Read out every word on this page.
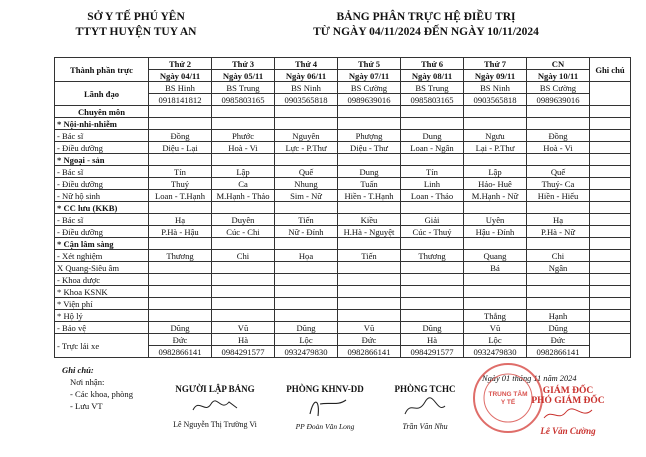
SỞ Y TẾ PHÚ YÊN
TTYT HUYỆN TUY AN
BẢNG PHÂN TRỰC HỆ ĐIỀU TRỊ
TỪ NGÀY 04/11/2024 ĐẾN NGÀY 10/11/2024
Thành phần trực	Thứ 2	Thứ 3	Thứ 4	Thứ 5	Thứ 6	Thứ 7	CN	Ghi chú
	Ngày 04/11	Ngày 05/11	Ngày 06/11	Ngày 07/11	Ngày 08/11	Ngày 09/11	Ngày 10/11	
Lãnh đạo	BS Hinh	BS Trung	BS Ninh	BS Cường	BS Trung	BS Ninh	BS Cường	
	0918141812	0985803165	0903565818	0989639016	0985803165	0903565818	0989639016	
Chuyên môn								
* Nội-nhi-nhiễm								
- Bác sĩ	Đồng	Phước	Nguyên	Phượng	Dung	Ngưu	Đồng	
- Điều dưỡng	Diệu - Lại	Hoà - Vi	Lực - P.Thư	Diệu - Thư	Loan - Ngân	Lại - P.Thư	Hoà - Vi	
* Ngoại - sản								
- Bác sĩ	Tín	Lập	Quế	Dung	Tín	Lập	Quế	
- Điều dưỡng	Thuý	Ca	Nhung	Tuấn	Linh	Hảo- Huê	Thuý- Ca	
- Nữ hộ sinh	Loan - T.Hạnh	M.Hạnh - Thảo	Sim - Nữ	Hiền - T.Hạnh	Loan - Thảo	M.Hạnh - Nữ	Hiền - Hiếu	
* CC lưu (KKB)								
- Bác sĩ	Hạ	Duyên	Tiến	Kiều	Giải	Uyên	Hạ	
- Điều dưỡng	P.Hà - Hậu	Cúc - Chi	Nữ - Đính	H.Hà - Nguyệt	Cúc - Thuý	Hậu - Đính	P.Hà - Nữ	
* Cận lâm sàng								
- Xét nghiệm	Thương	Chi	Họa	Tiến	Thương	Quang	Chi	
X Quang-Siêu âm						Bá	Ngân	
- Khoa dược								
* Khoa KSNK								
* Viện phí								
* Hộ lý						Thắng	Hạnh	
- Bảo vệ	Dũng	Vũ	Dũng	Vũ	Dũng	Vũ	Dũng	
- Trực lái xe	Đức	Hà	Lộc	Đức	Hà	Lộc	Đức	
	0982866141	0984291577	0932479830	0982866141	0984291577	0932479830	0982866141	
Ghi chú:
Nơi nhận:
- Các khoa, phòng
- Lưu VT
NGƯỜI LẬP BẢNG
Lê Nguyễn Thị Trường Vi
PHÒNG KHNV-DD
PP Đoàn Văn Long
PHÒNG TCHC
Trần Văn Nhu
Ngày 01 tháng 11 năm 2024
TRUNG TÂM
Y TẾ
GIÁM ĐỐC
PHÓ GIÁM ĐỐC
Lê Văn Cường
